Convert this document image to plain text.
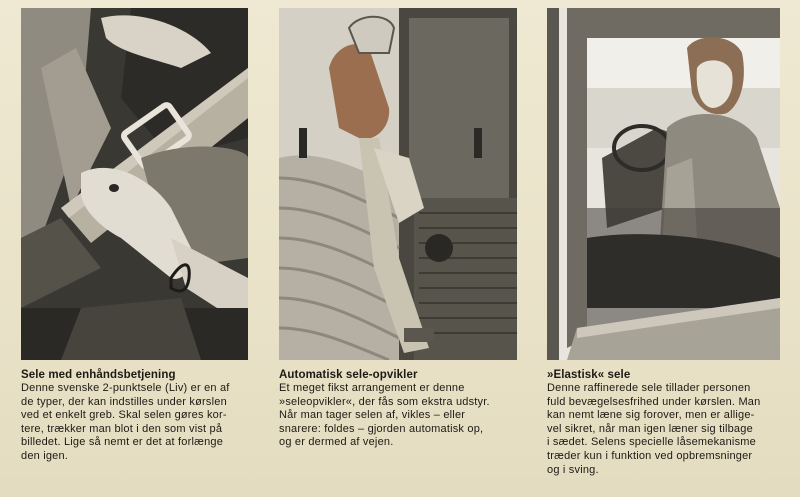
Sele med enhåndsbetjening
Denne svenske 2-punktsele (Liv) er en af
de typer, der kan indstilles under kørslen
ved et enkelt greb. Skal selen gøres kor-
tere, trækker man blot i den som vist på
billedet. Lige så nemt er det at forlænge
den igen.
Automatisk sele-opvikler
Et meget fikst arrangement er denne
»seleopvikler«, der fås som ekstra udstyr.
Når man tager selen af, vikles – eller
snarere: foldes – gjorden automatisk op,
og er dermed af vejen.
»Elastisk« sele
Denne raffinerede sele tillader personen
fuld bevægelsesfrihed under kørslen. Man
kan nemt læne sig forover, men er allige-
vel sikret, når man igen læner sig tilbage
i sædet. Selens specielle låsemekanisme
træder kun i funktion ved opbremsninger
og i sving.
